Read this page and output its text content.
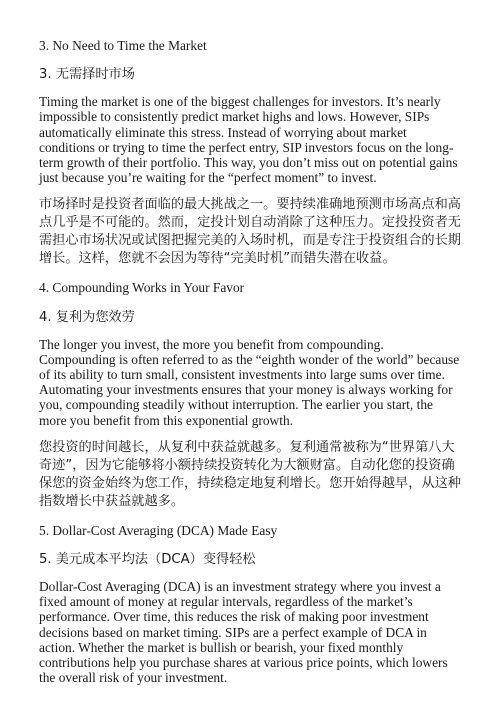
3. No Need to Time the Market

3. 无需择时市场

Timing the market is one of the biggest challenges for investors. It’s nearly impossible to consistently predict market highs and lows. However, SIPs automatically eliminate this stress. Instead of worrying about market conditions or trying to time the perfect entry, SIP investors focus on the long-term growth of their portfolio. This way, you don’t miss out on potential gains just because you’re waiting for the “perfect moment” to invest.

市场择时是投资者面临的最大挑战之一。要持续准确地预测市场高点和高点几乎是不可能的。然而，定投计划自动消除了这种压力。定投投资者无需担心市场状况或试图把握完美的入场时机，而是专注于投资组合的长期增长。这样，您就不会因为等待“完美时机”而错失潜在收益。

4. Compounding Works in Your Favor

4. 复利为您效劳

The longer you invest, the more you benefit from compounding. Compounding is often referred to as the “eighth wonder of the world” because of its ability to turn small, consistent investments into large sums over time. Automating your investments ensures that your money is always working for you, compounding steadily without interruption. The earlier you start, the more you benefit from this exponential growth.

您投资的时间越长，从复利中获益就越多。复利通常被称为“世界第八大奇迹”，因为它能够将小额持续投资转化为大额财富。自动化您的投资确保您的资金始终为您工作，持续稳定地复利增长。您开始得越早，从这种指数增长中获益就越多。

5. Dollar-Cost Averaging (DCA) Made Easy

5. 美元成本平均法（DCA）变得轻松

Dollar-Cost Averaging (DCA) is an investment strategy where you invest a fixed amount of money at regular intervals, regardless of the market’s performance. Over time, this reduces the risk of making poor investment decisions based on market timing. SIPs are a perfect example of DCA in action. Whether the market is bullish or bearish, your fixed monthly contributions help you purchase shares at various price points, which lowers the overall risk of your investment.
